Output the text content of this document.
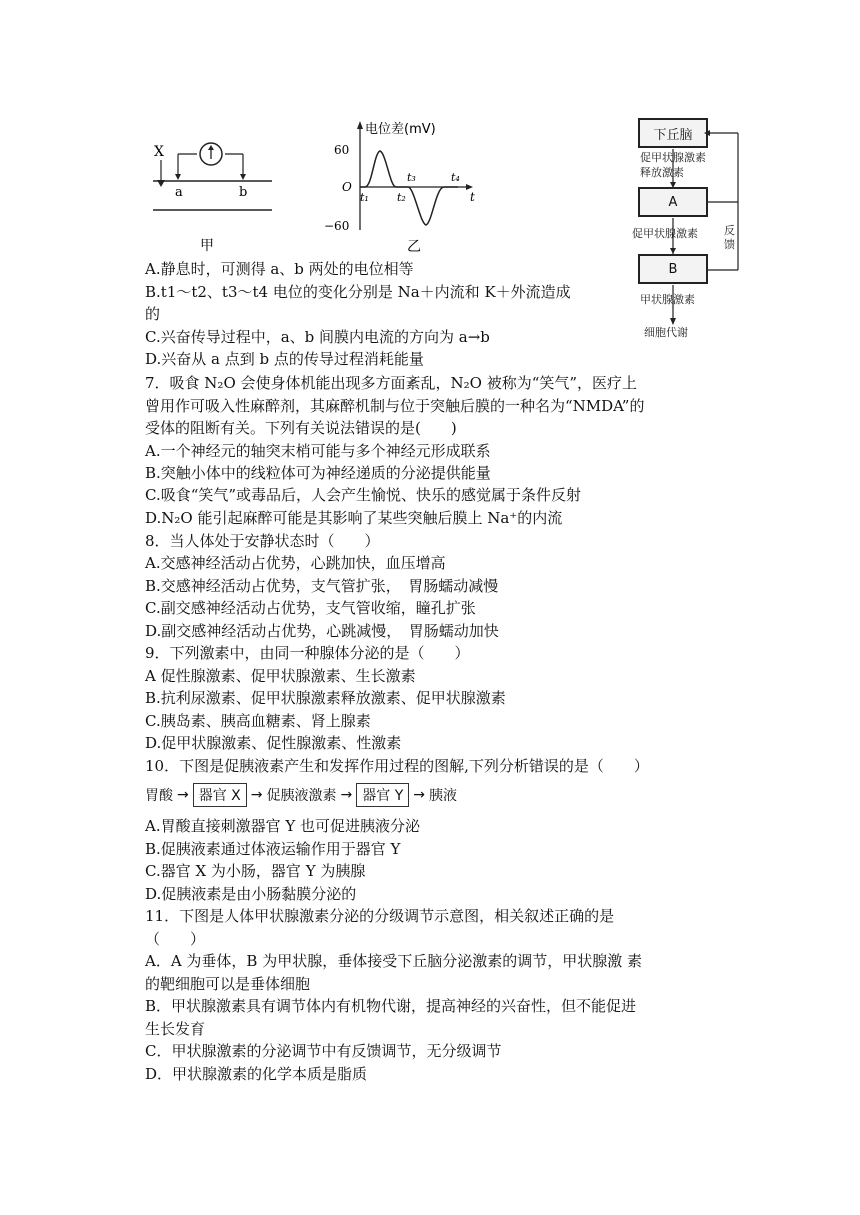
X
a	b
甲
电位差(mV)
60
O
−60
t₁	t₂
t₃	t₄
t
乙
下丘脑
A
B
促甲状腺激素释放激素
促甲状腺激素
甲状腺激素
细胞代谢
反馈
A.静息时，可测得 a、b 两处的电位相等
B.t1～t2、t3～t4 电位的变化分别是 Na＋内流和 K＋外流造成
的
C.兴奋传导过程中，a、b 间膜内电流的方向为 a→b
D.兴奋从 a 点到 b 点的传导过程消耗能量
7．吸食 N₂O 会使身体机能出现多方面紊乱，N₂O 被称为“笑气”，医疗上
曾用作可吸入性麻醉剂，其麻醉机制与位于突触后膜的一种名为“NMDA”的
受体的阻断有关。下列有关说法错误的是(　　)
A.一个神经元的轴突末梢可能与多个神经元形成联系
B.突触小体中的线粒体可为神经递质的分泌提供能量
C.吸食“笑气”或毒品后，人会产生愉悦、快乐的感觉属于条件反射
D.N₂O 能引起麻醉可能是其影响了某些突触后膜上 Na⁺的内流
8．当人体处于安静状态时（　　）
A.交感神经活动占优势，心跳加快，血压增高
B.交感神经活动占优势，支气管扩张，　胃肠蠕动减慢
C.副交感神经活动占优势，支气管收缩，瞳孔扩张
D.副交感神经活动占优势，心跳减慢，　胃肠蠕动加快
9．下列激素中，由同一种腺体分泌的是（　　）
A 促性腺激素、促甲状腺激素、生长激素
B.抗利尿激素、促甲状腺激素释放激素、促甲状腺激素
C.胰岛素、胰高血糖素、肾上腺素
D.促甲状腺激素、促性腺激素、性激素
10．下图是促胰液素产生和发挥作用过程的图解,下列分析错误的是（　　）
胃酸 → 器官 X → 促胰液激素 → 器官 Y → 胰液
A.胃酸直接刺激器官 Y 也可促进胰液分泌
B.促胰液素通过体液运输作用于器官 Y
C.器官 X 为小肠，器官 Y 为胰腺
D.促胰液素是由小肠黏膜分泌的
11．下图是人体甲状腺激素分泌的分级调节示意图，相关叙述正确的是
（　　）
A．A 为垂体，B 为甲状腺，垂体接受下丘脑分泌激素的调节，甲状腺激 素
的靶细胞可以是垂体细胞
B．甲状腺激素具有调节体内有机物代谢，提高神经的兴奋性，但不能促进
生长发育
C．甲状腺激素的分泌调节中有反馈调节，无分级调节
D．甲状腺激素的化学本质是脂质
